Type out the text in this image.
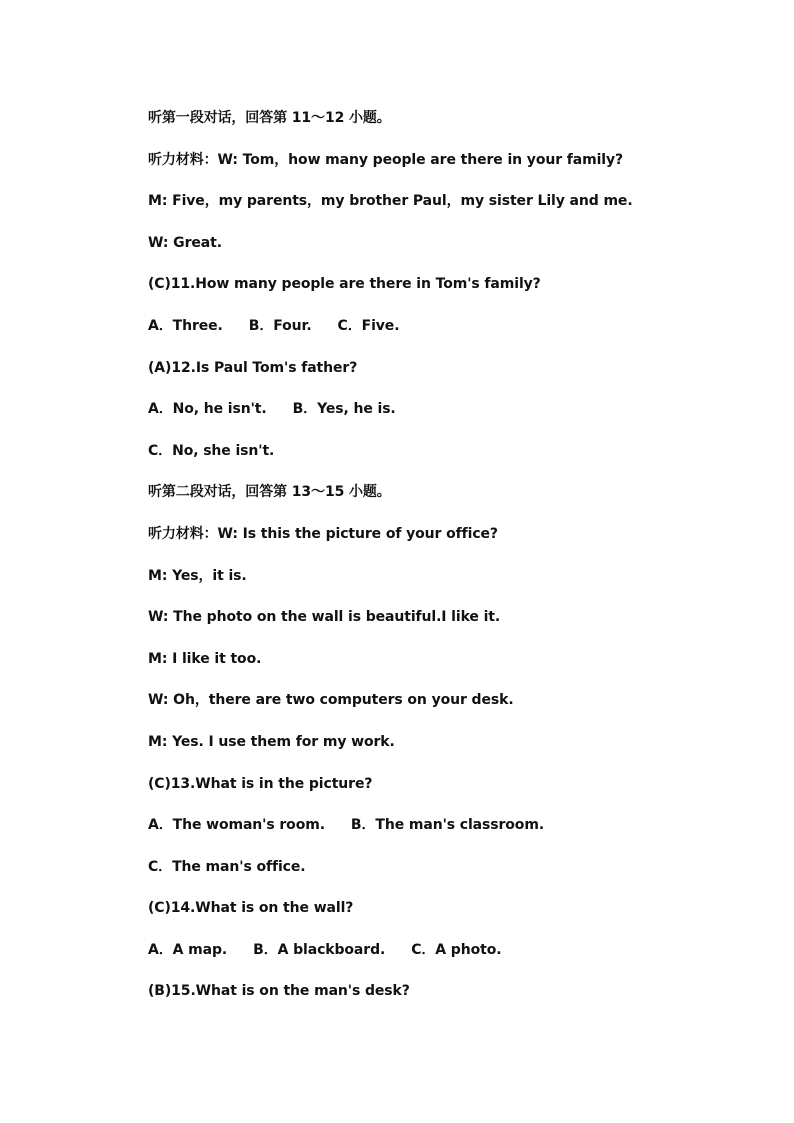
听第一段对话，回答第 11～12 小题。
听力材料：W: Tom，how many people are there in your family?
M: Five，my parents，my brother Paul，my sister Lily and me.
W: Great.
(C)11.How many people are there in Tom's family?
A．Three. B．Four. C．Five.
(A)12.Is Paul Tom's father?
A．No, he isn't. B．Yes, he is.
C．No, she isn't.
听第二段对话，回答第 13～15 小题。
听力材料：W: Is this the picture of your office?
M: Yes，it is.
W: The photo on the wall is beautiful.I like it.
M: I like it too.
W: Oh，there are two computers on your desk.
M: Yes. I use them for my work.
(C)13.What is in the picture?
A．The woman's room. B．The man's classroom.
C．The man's office.
(C)14.What is on the wall?
A．A map. B．A blackboard. C．A photo.
(B)15.What is on the man's desk?
